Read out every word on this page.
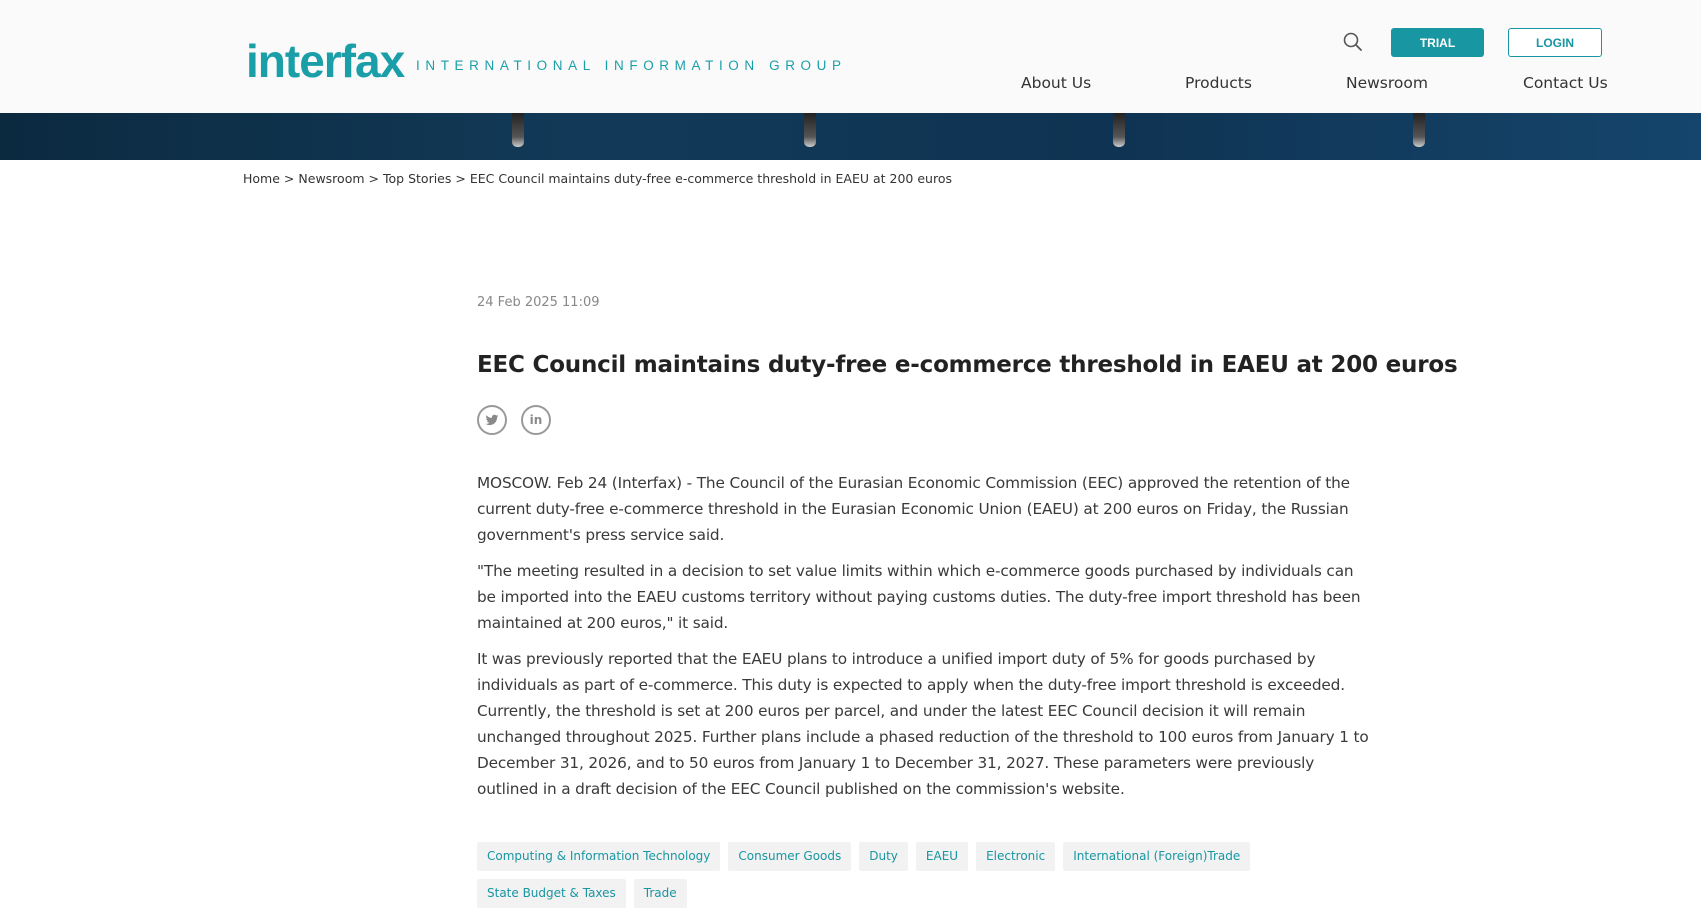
interfax INTERNATIONAL INFORMATION GROUP
TRIAL	LOGIN
About Us	Products	Newsroom	Contact Us
Home > Newsroom > Top Stories > EEC Council maintains duty-free e-commerce threshold in EAEU at 200 euros
24 Feb 2025 11:09
EEC Council maintains duty-free e-commerce threshold in EAEU at 200 euros
in

MOSCOW. Feb 24 (Interfax) - The Council of the Eurasian Economic Commission (EEC) approved the retention of the current duty-free e-commerce threshold in the Eurasian Economic Union (EAEU) at 200 euros on Friday, the Russian government's press service said.

"The meeting resulted in a decision to set value limits within which e-commerce goods purchased by individuals can be imported into the EAEU customs territory without paying customs duties. The duty-free import threshold has been maintained at 200 euros," it said.

It was previously reported that the EAEU plans to introduce a unified import duty of 5% for goods purchased by individuals as part of e-commerce. This duty is expected to apply when the duty-free import threshold is exceeded. Currently, the threshold is set at 200 euros per parcel, and under the latest EEC Council decision it will remain unchanged throughout 2025. Further plans include a phased reduction of the threshold to 100 euros from January 1 to December 31, 2026, and to 50 euros from January 1 to December 31, 2027. These parameters were previously outlined in a draft decision of the EEC Council published on the commission's website.

Computing & Information Technology	Consumer Goods	Duty	EAEU	Electronic	International (Foreign)Trade
State Budget & Taxes	Trade
